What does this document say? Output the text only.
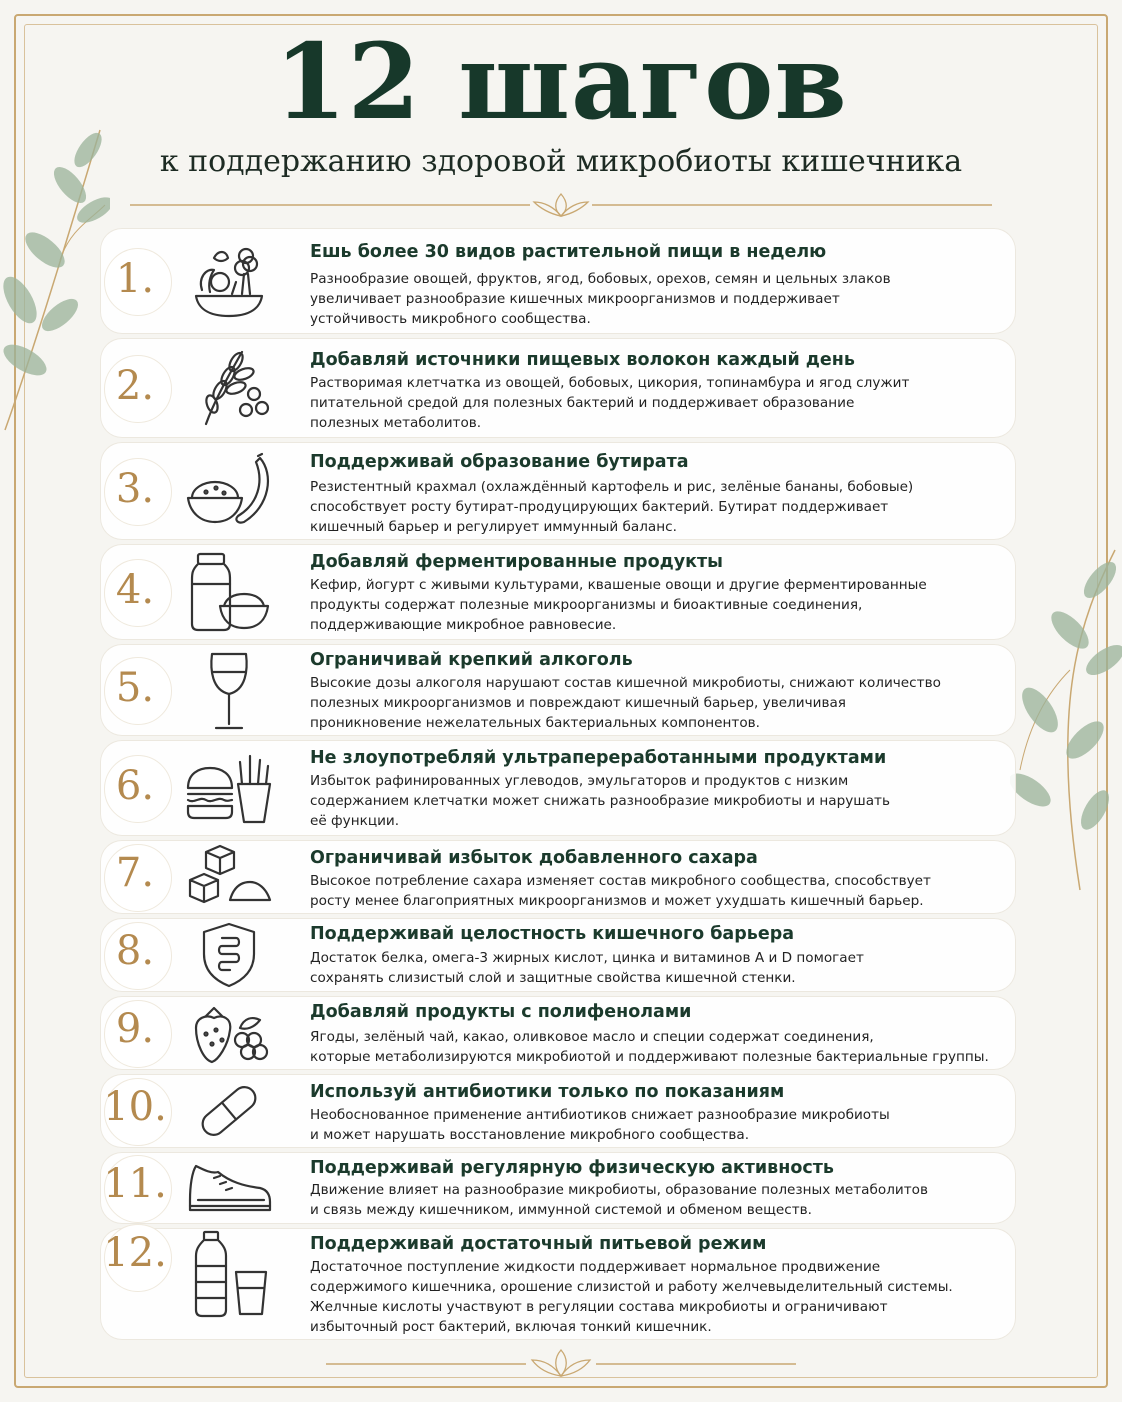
12 шагов
к поддержанию здоровой микробиоты кишечника
1.
Ешь более 30 видов растительной пищи в неделю
Разнообразие овощей, фруктов, ягод, бобовых, орехов, семян и цельных злаков
увеличивает разнообразие кишечных микроорганизмов и поддерживает
устойчивость микробного сообщества.
2.
Добавляй источники пищевых волокон каждый день
Растворимая клетчатка из овощей, бобовых, цикория, топинамбура и ягод служит
питательной средой для полезных бактерий и поддерживает образование
полезных метаболитов.
3.
Поддерживай образование бутирата
Резистентный крахмал (охлаждённый картофель и рис, зелёные бананы, бобовые)
способствует росту бутират-продуцирующих бактерий. Бутират поддерживает
кишечный барьер и регулирует иммунный баланс.
4.
Добавляй ферментированные продукты
Кефир, йогурт с живыми культурами, квашеные овощи и другие ферментированные
продукты содержат полезные микроорганизмы и биоактивные соединения,
поддерживающие микробное равновесие.
5.
Ограничивай крепкий алкоголь
Высокие дозы алкоголя нарушают состав кишечной микробиоты, снижают количество
полезных микроорганизмов и повреждают кишечный барьер, увеличивая
проникновение нежелательных бактериальных компонентов.
6.
Не злоупотребляй ультрапереработанными продуктами
Избыток рафинированных углеводов, эмульгаторов и продуктов с низким
содержанием клетчатки может снижать разнообразие микробиоты и нарушать
её функции.
7.	Ограничивай избыток добавленного сахара
Высокое потребление сахара изменяет состав микробного сообщества, способствует
росту менее благоприятных микроорганизмов и может ухудшать кишечный барьер.
8.	Поддерживай целостность кишечного барьера
Достаток белка, омега-3 жирных кислот, цинка и витаминов A и D помогает
сохранять слизистый слой и защитные свойства кишечной стенки.
9.	Добавляй продукты с полифенолами
Ягоды, зелёный чай, какао, оливковое масло и специи содержат соединения,
которые метаболизируются микробиотой и поддерживают полезные бактериальные группы.
10.	Используй антибиотики только по показаниям
Необоснованное применение антибиотиков снижает разнообразие микробиоты
и может нарушать восстановление микробного сообщества.
11.	Поддерживай регулярную физическую активность
Движение влияет на разнообразие микробиоты, образование полезных метаболитов
и связь между кишечником, иммунной системой и обменом веществ.
12.	Поддерживай достаточный питьевой режим
Достаточное поступление жидкости поддерживает нормальное продвижение
содержимого кишечника, орошение слизистой и работу желчевыделительный системы.
Желчные кислоты участвуют в регуляции состава микробиоты и ограничивают
избыточный рост бактерий, включая тонкий кишечник.
